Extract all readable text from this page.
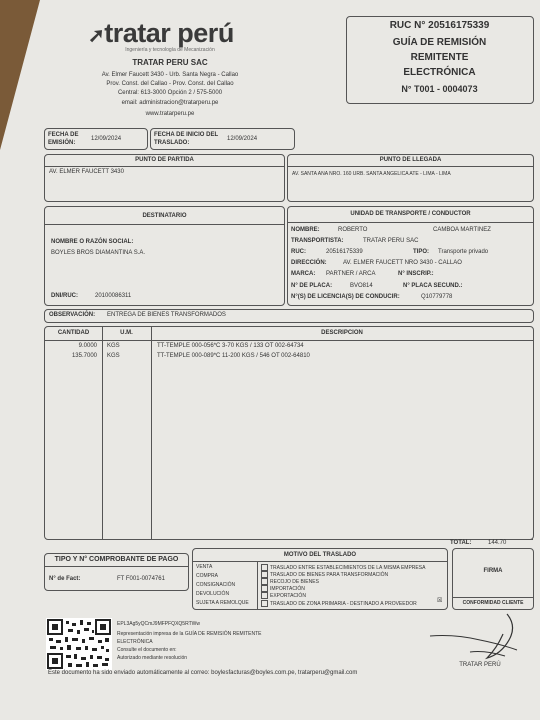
➚tratar perú
Ingeniería y tecnología de Mecanización
TRATAR PERU SAC
Av. Elmer Faucett 3430 - Urb. Santa Negra - Callao
Prov. Const. del Callao - Prov. Const. del Callao
Central: 613-3000 Opción 2 / 575-5000
email: administracion@tratarperu.pe
www.tratarperu.pe
RUC N° 20516175339
GUÍA DE REMISIÓN
REMITENTE
ELECTRÓNICA
N° T001 - 0004073
FECHA DE EMISIÓN:
12/09/2024
FECHA DE INICIO DEL TRASLADO:
12/09/2024
PUNTO DE PARTIDA
AV. ELMER FAUCETT 3430
PUNTO DE LLEGADA
AV. SANTA ANA NRO. 160 URB. SANTA ANGELICA ATE - LIMA - LIMA
DESTINATARIO
NOMBRE O RAZÓN SOCIAL:
BOYLES BROS DIAMANTINA S.A.
DNI/RUC:	20100086311
UNIDAD DE TRANSPORTE / CONDUCTOR
NOMBRE:	ROBERTO	CAMBOA MARTINEZ
TRANSPORTISTA:	TRATAR PERU SAC
RUC:	20516175339	TIPO: Transporte privado
DIRECCIÓN:	AV. ELMER FAUCETT NRO 3430 - CALLAO
MARCA: PARTNER / ARCA	N° INSCRIP.:
N° DE PLACA:	BVO814	N° PLACA SECUND.:
N°(S) DE LICENCIA(S) DE CONDUCIR:	Q10779778
OBSERVACIÓN: ENTREGA DE BIENES TRANSFORMADOS
CANTIDAD	U.M.	DESCRIPCION
9.0000 KGS	TT-TEMPLE 000-056*C 3-70 KGS / 133 OT 002-64734
135.7000 KGS	TT-TEMPLE 000-089*C 11-200 KGS / 546 OT 002-64810
TOTAL:	144.70
TIPO Y N° COMPROBANTE DE PAGO
N° de Fact:	FT F001-0074761
MOTIVO DEL TRASLADO
VENTA
COMPRA
CONSIGNACIÓN
DEVOLUCIÓN
SUJETA A REMOLQUE
TRASLADO ENTRE ESTABLECIMIENTOS DE LA MISMA EMPRESA
TRASLADO DE BIENES PARA TRANSFORMACIÓN
RECOJO DE BIENES
IMPORTACIÓN
EXPORTACIÓN
TRASLADO DE ZONA PRIMARIA - DESTINADO A PROVEEDOR	☒
FIRMA
CONFORMIDAD CLIENTE
EPL3Ag5yQCmJ9MFPFQXQ5RTWw
Representación impresa de la GUÍA DE REMISIÓN REMITENTE
ELECTRÓNICA
Consulte el documento en:
Autorizado mediante resolución
Este documento ha sido enviado automáticamente al correo: boylesfacturas@boyles.com.pe, tratarperu@gmail.com
TRATAR PERÚ
